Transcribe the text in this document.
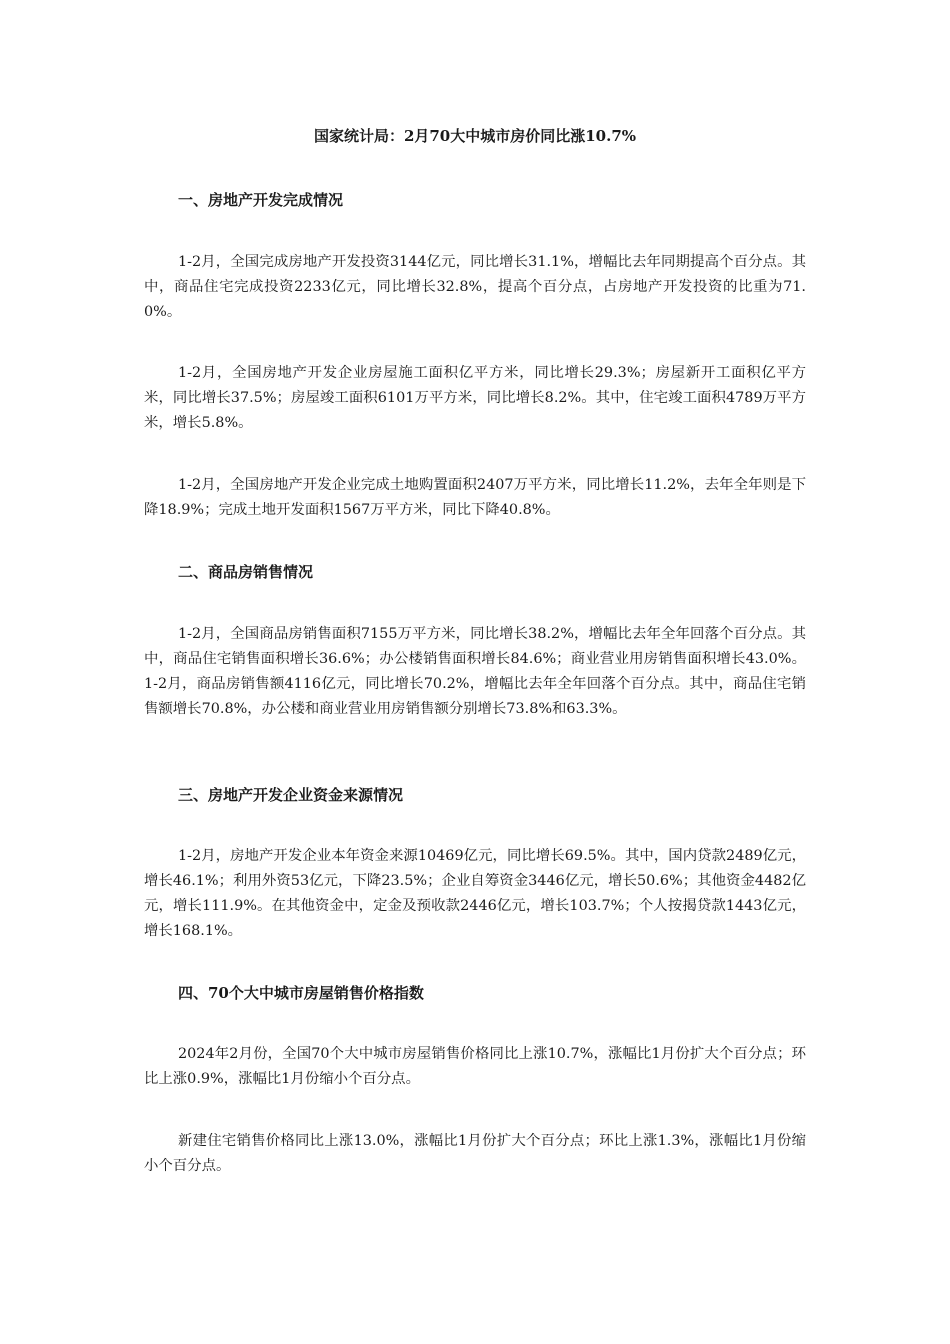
国家统计局：2月70大中城市房价同比涨10.7%
一、房地产开发完成情况

1-2月，全国完成房地产开发投资3144亿元，同比增长31.1%，增幅比去年同期提高个百分点。其中，商品住宅完成投资2233亿元，同比增长32.8%，提高个百分点，占房地产开发投资的比重为71.0%。

1-2月，全国房地产开发企业房屋施工面积亿平方米，同比增长29.3%；房屋新开工面积亿平方米，同比增长37.5%；房屋竣工面积6101万平方米，同比增长8.2%。其中，住宅竣工面积4789万平方米，增长5.8%。

1-2月，全国房地产开发企业完成土地购置面积2407万平方米，同比增长11.2%，去年全年则是下降18.9%；完成土地开发面积1567万平方米，同比下降40.8%。

二、商品房销售情况

1-2月，全国商品房销售面积7155万平方米，同比增长38.2%，增幅比去年全年回落个百分点。其中，商品住宅销售面积增长36.6%；办公楼销售面积增长84.6%；商业营业用房销售面积增长43.0%。1-2月，商品房销售额4116亿元，同比增长70.2%，增幅比去年全年回落个百分点。其中，商品住宅销售额增长70.8%，办公楼和商业营业用房销售额分别增长73.8%和63.3%。

三、房地产开发企业资金来源情况

1-2月，房地产开发企业本年资金来源10469亿元，同比增长69.5%。其中，国内贷款2489亿元，增长46.1%；利用外资53亿元，下降23.5%；企业自筹资金3446亿元，增长50.6%；其他资金4482亿元，增长111.9%。在其他资金中，定金及预收款2446亿元，增长103.7%；个人按揭贷款1443亿元，增长168.1%。

四、70个大中城市房屋销售价格指数

2024年2月份，全国70个大中城市房屋销售价格同比上涨10.7%，涨幅比1月份扩大个百分点；环比上涨0.9%，涨幅比1月份缩小个百分点。

新建住宅销售价格同比上涨13.0%，涨幅比1月份扩大个百分点；环比上涨1.3%，涨幅比1月份缩小个百分点。
